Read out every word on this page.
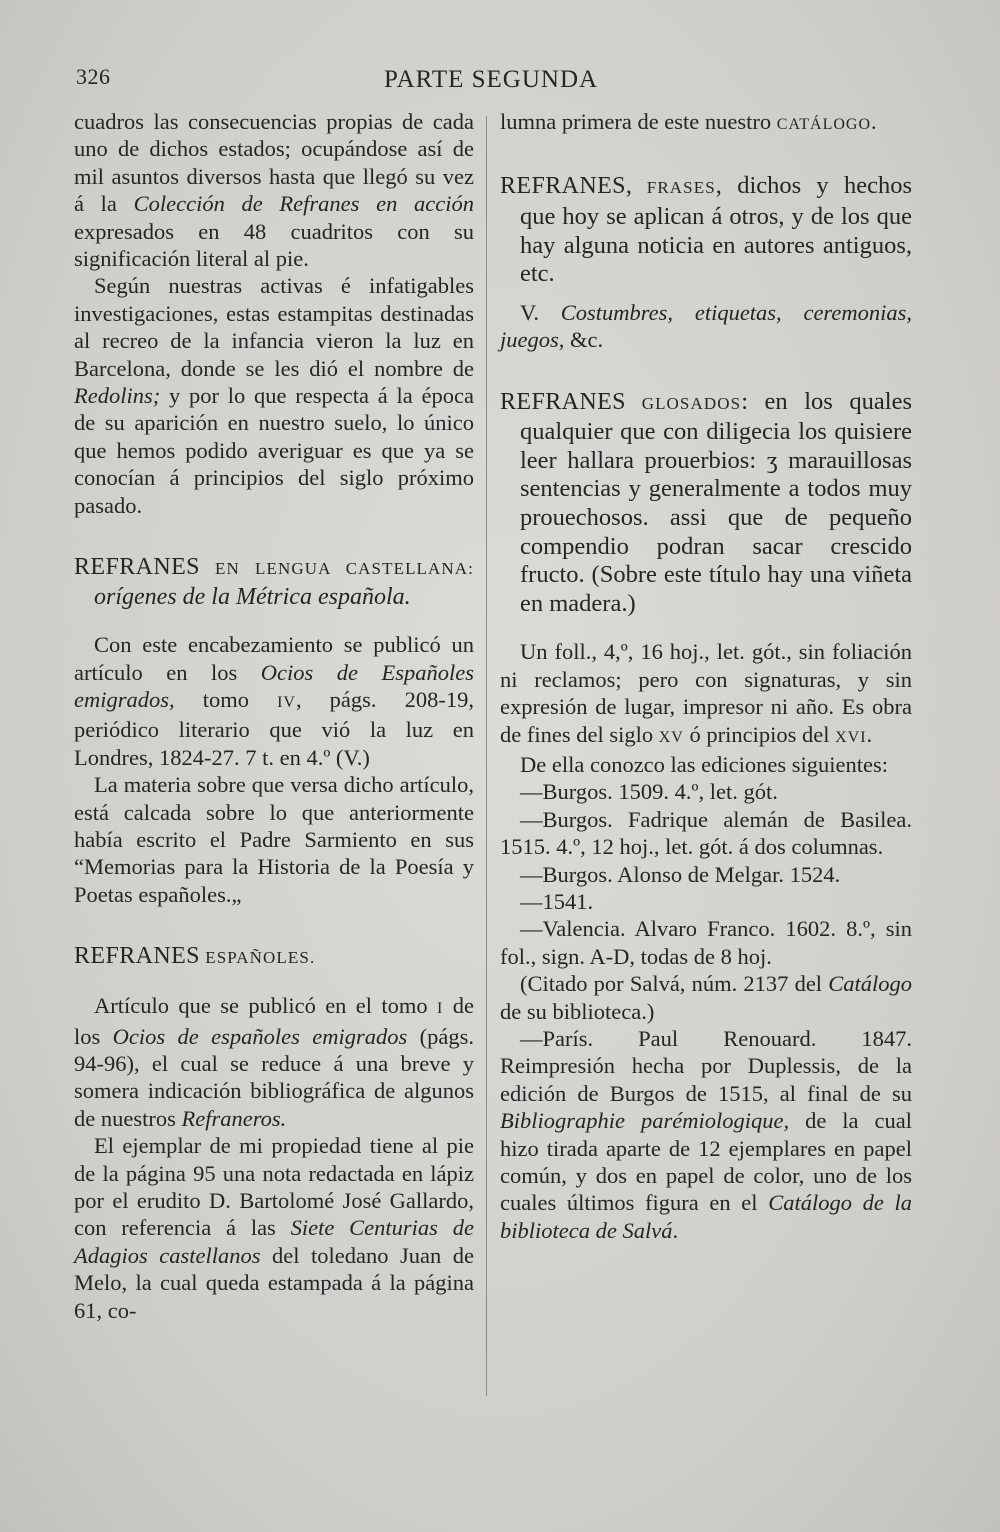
326	PARTE SEGUNDA

cuadros las consecuencias propias de cada uno de dichos estados; ocupándose así de mil asuntos diversos hasta que llegó su vez á la Colección de Refranes en acción expresados en 48 cuadritos con su significación literal al pie.

Según nuestras activas é infatigables investigaciones, estas estampitas destinadas al recreo de la infancia vieron la luz en Barcelona, donde se les dió el nombre de Redolins; y por lo que respecta á la época de su aparición en nuestro suelo, lo único que hemos podido averiguar es que ya se conocían á principios del siglo próximo pasado.

REFRANES EN LENGUA CASTELLANA: orígenes de la Métrica española.

Con este encabezamiento se publicó un artículo en los Ocios de Españoles emigrados, tomo IV, págs. 208-19, periódico literario que vió la luz en Londres, 1824-27. 7 t. en 4.º (V.)

La materia sobre que versa dicho artículo, está calcada sobre lo que anteriormente había escrito el Padre Sarmiento en sus “Memorias para la Historia de la Poesía y Poetas españoles.„

REFRANES ESPAÑOLES.

Artículo que se publicó en el tomo I de los Ocios de españoles emigrados (págs. 94-96), el cual se reduce á una breve y somera indicación bibliográfica de algunos de nuestros Refraneros.

El ejemplar de mi propiedad tiene al pie de la página 95 una nota redactada en lápiz por el erudito D. Bartolomé José Gallardo, con referencia á las Siete Centurias de Adagios castellanos del toledano Juan de Melo, la cual queda estampada á la página 61, co-

lumna primera de este nuestro CATÁLOGO.

REFRANES, FRASES, dichos y hechos que hoy se aplican á otros, y de los que hay alguna noticia en autores antiguos, etc.

V. Costumbres, etiquetas, ceremonias, juegos, &c.

REFRANES GLOSADOS: en los quales qualquier que con diligecia los quisiere leer hallara prouerbios: ʒ marauillosas sentencias y generalmente a todos muy prouechosos. assi que de pequeño compendio podran sacar crescido fructo. (Sobre este título hay una viñeta en madera.)

Un foll., 4,º, 16 hoj., let. gót., sin foliación ni reclamos; pero con signaturas, y sin expresión de lugar, impresor ni año. Es obra de fines del siglo XV ó principios del XVI.

De ella conozco las ediciones siguientes:

—Burgos. 1509. 4.º, let. gót.

—Burgos. Fadrique alemán de Basilea. 1515. 4.º, 12 hoj., let. gót. á dos columnas.

—Burgos. Alonso de Melgar. 1524.

—1541.

—Valencia. Alvaro Franco. 1602. 8.º, sin fol., sign. A-D, todas de 8 hoj.

(Citado por Salvá, núm. 2137 del Catálogo de su biblioteca.)

—París. Paul Renouard. 1847. Reimpresión hecha por Duplessis, de la edición de Burgos de 1515, al final de su Bibliographie parémiologique, de la cual hizo tirada aparte de 12 ejemplares en papel común, y dos en papel de color, uno de los cuales últimos figura en el Catálogo de la biblioteca de Salvá.
